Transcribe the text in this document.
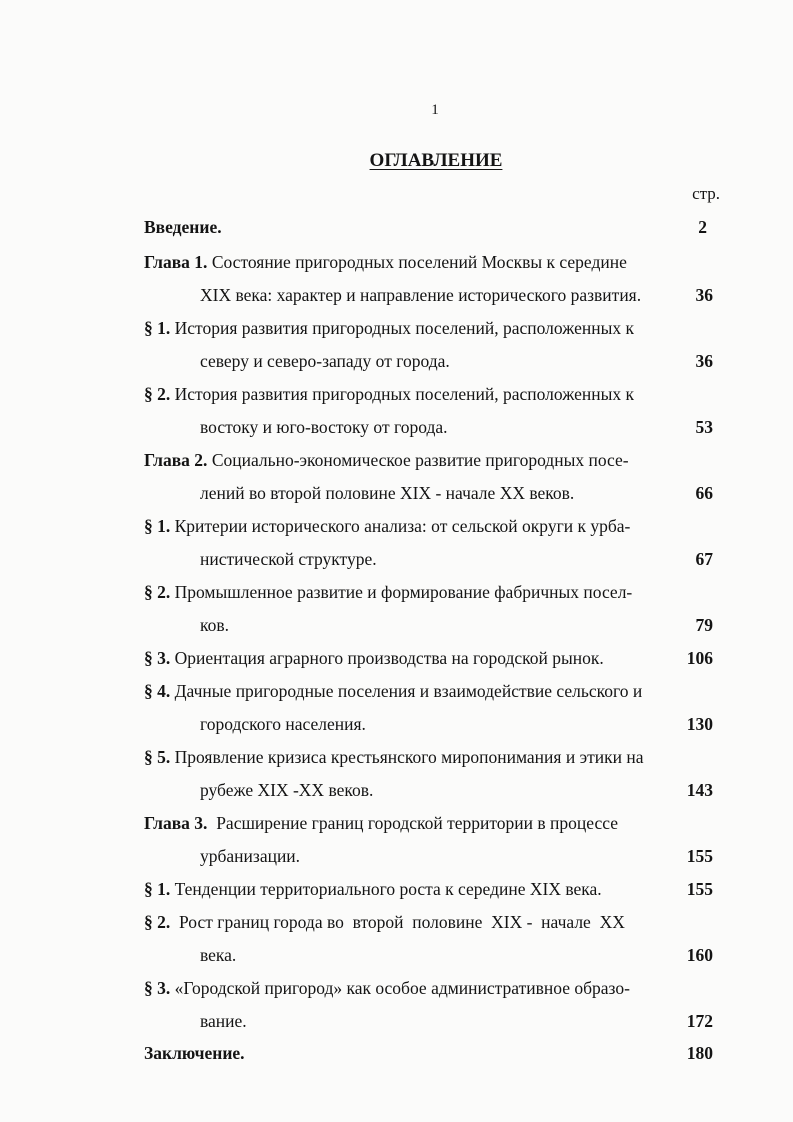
1
ОГЛАВЛЕНИЕ
стр.
Введение.	2
Глава 1. Состояние пригородных поселений Москвы к середине
XIX века: характер и направление исторического развития.	36
§ 1. История развития пригородных поселений, расположенных к
северу и северо-западу от города.	36
§ 2. История развития пригородных поселений, расположенных к
востоку и юго-востоку от города.	53
Глава 2. Социально-экономическое развитие пригородных посе-
лений во второй половине XIX - начале XX веков.	66
§ 1. Критерии исторического анализа: от сельской округи к урба-
нистической структуре.	67
§ 2. Промышленное развитие и формирование фабричных посел-
ков.	79
§ 3. Ориентация аграрного производства на городской рынок.	106
§ 4. Дачные пригородные поселения и взаимодействие сельского и
городского населения.	130
§ 5. Проявление кризиса крестьянского миропонимания и этики на
рубеже XIX -XX веков.	143
Глава 3. Расширение границ городской территории в процессе
урбанизации.	155
§ 1. Тенденции территориального роста к середине XIX века.	155
§ 2. Рост границ города во  второй  половине  XIX -  начале  XX
века.	160
§ 3. «Городской пригород» как особое административное образо-
вание.	172
Заключение.	180
